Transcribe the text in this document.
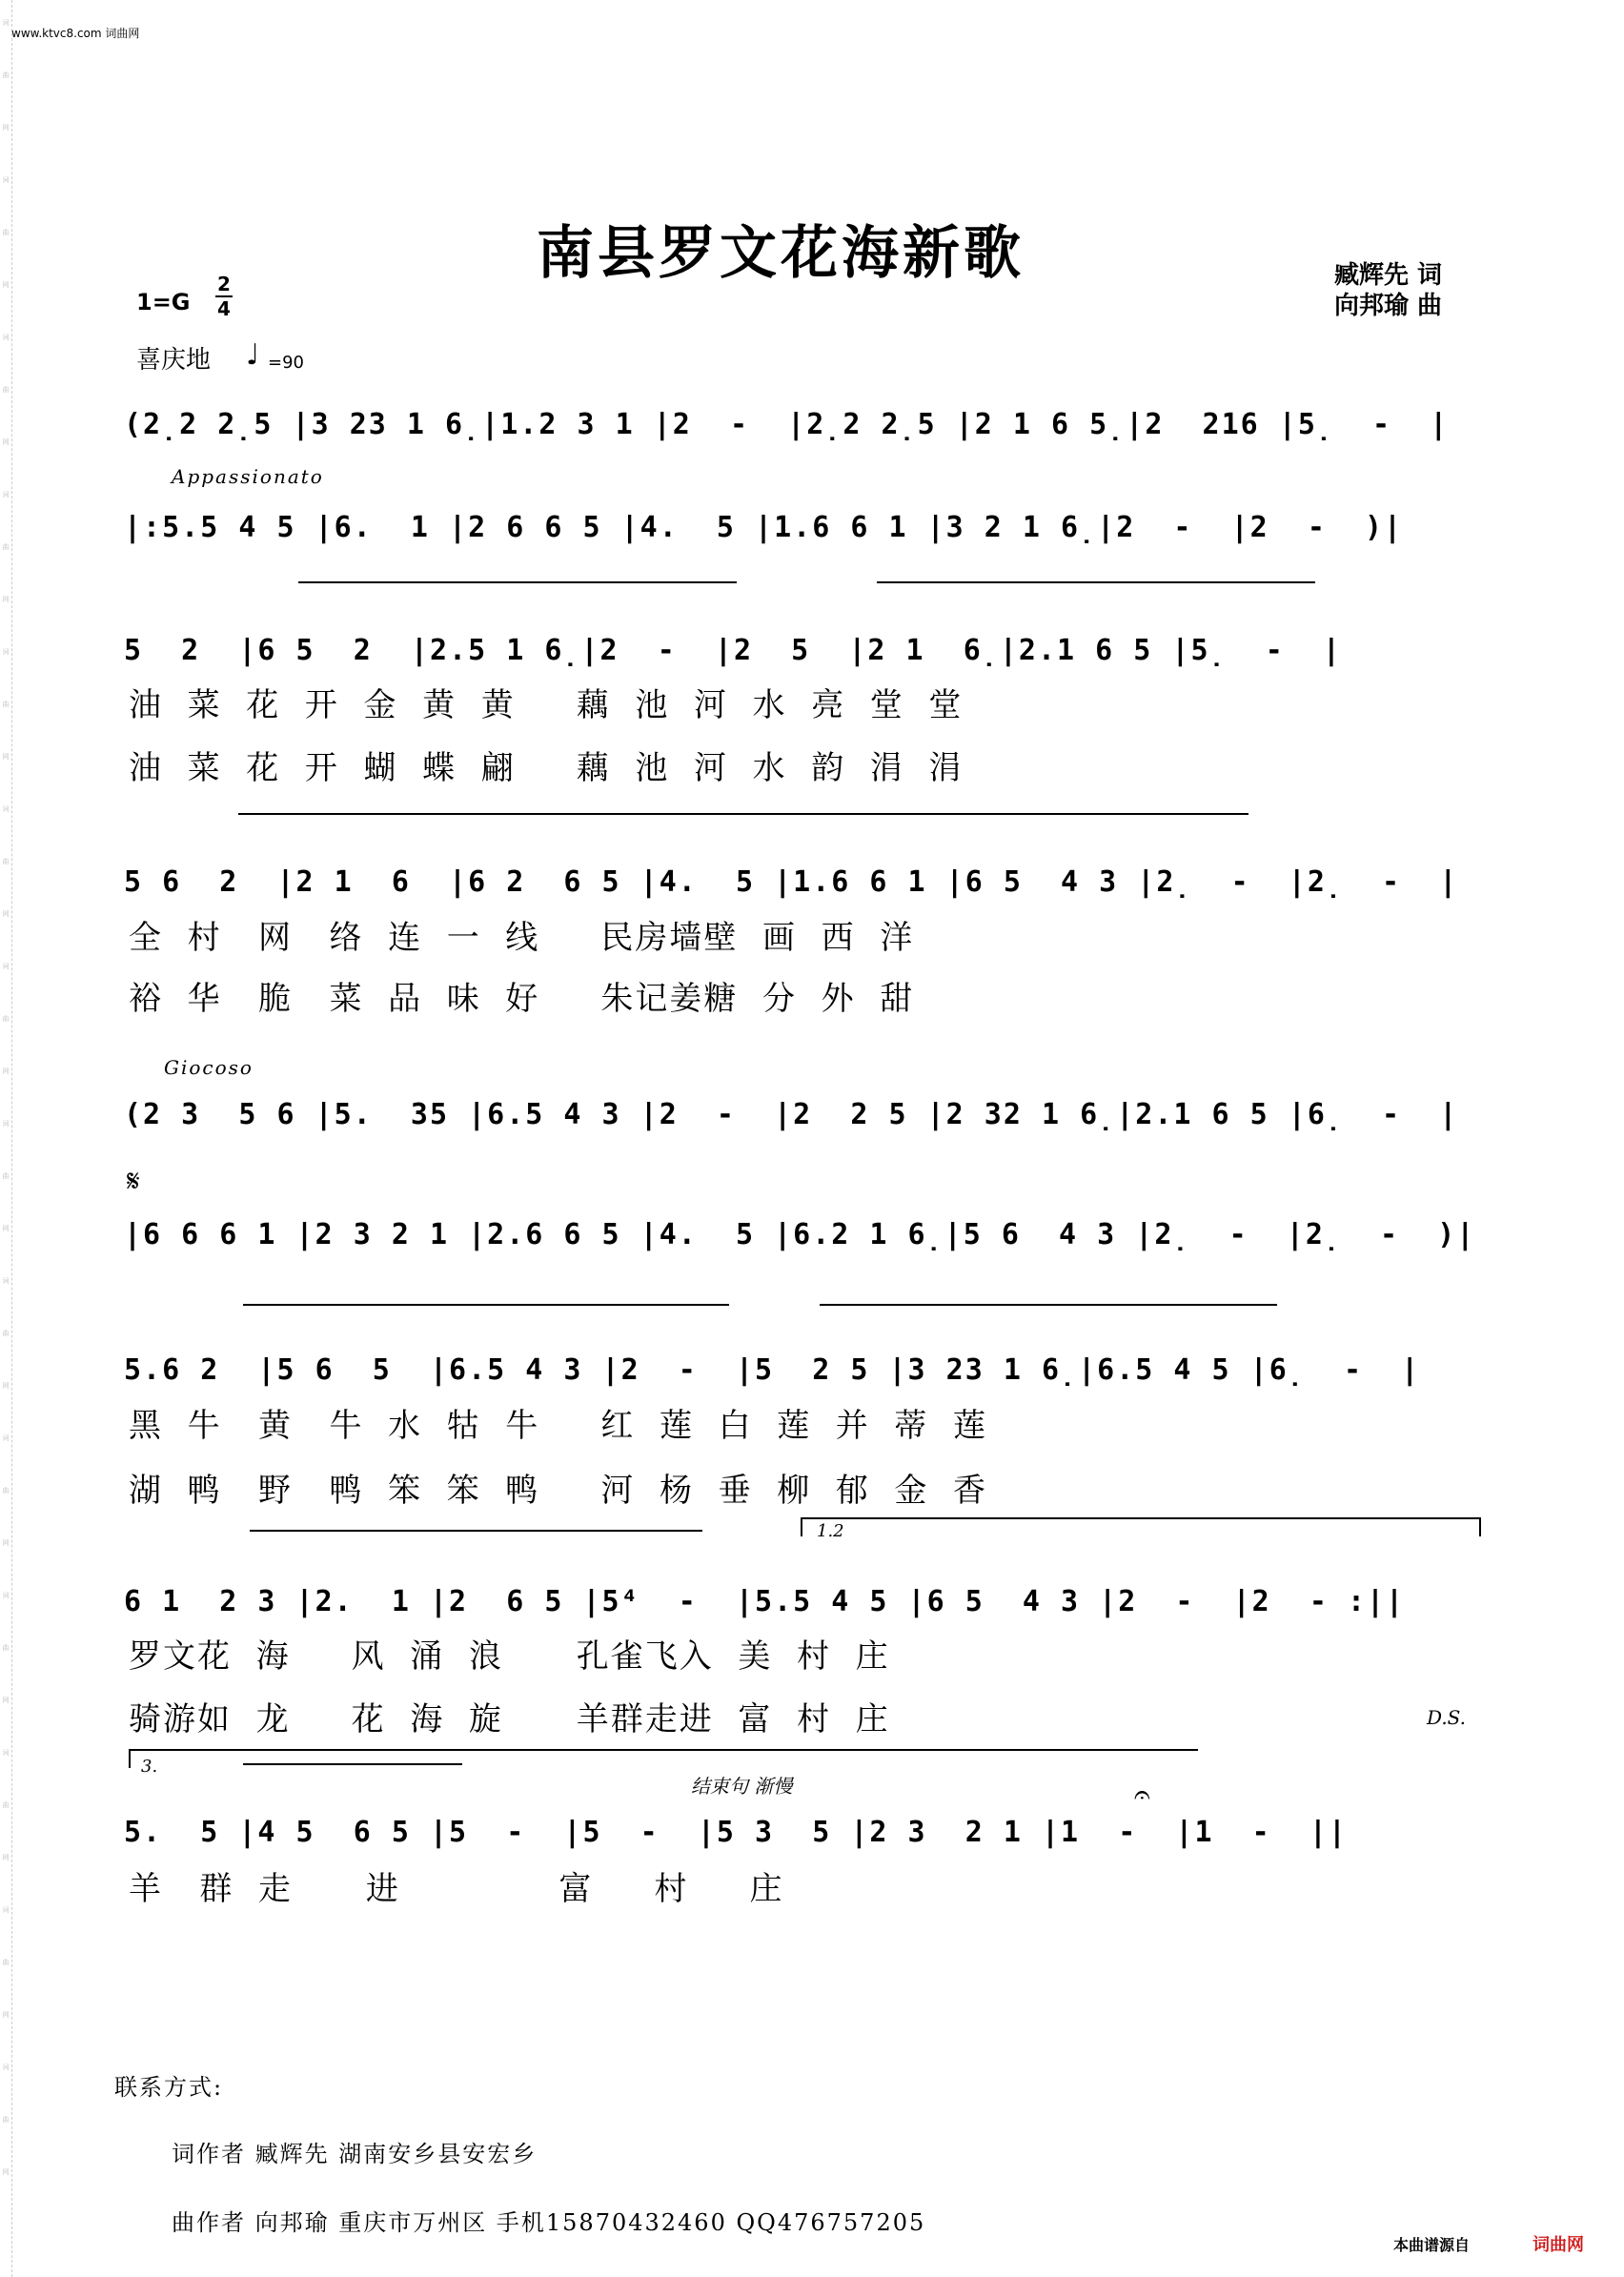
词
曲
网
词
曲
网
词
曲
网
词
曲
网
词
曲
网
词
曲
网
词
曲
网
词
曲
网
词
曲
网
词
曲
网
词
曲
网
词
曲
网
词
曲
网
词
曲
网
www.ktvc8.com 词曲网
南县罗文花海新歌	臧辉先 词
向邦瑜 曲
1=G
2
4
喜庆地 ♩ =90
Appassionato
Giocoso
𝄋
(2̣2 2̣5 |3 23 1 6̣|1.2 3 1 |2  -  |2̣2 2̣5 |2 1 6 5̣|2  216 |5̣  -  |
|:5.5 4 5 |6.  1 |2 6 6 5 |4.  5 |1.6 6 1 |3 2 1 6̣|2  -  |2  -  )|
5  2  |6 5  2  |2.5 1 6̣|2  -  |2  5  |2 1  6̣|2.1 6 5 |5̣  -  |
5 6  2  |2 1  6  |6 2  6 5 |4.  5 |1.6 6 1 |6 5  4 3 |2̣  -  |2̣  -  |
(2 3  5 6 |5.  35 |6.5 4 3 |2  -  |2  2 5 |2 32 1 6̣|2.1 6 5 |6̣  -  |
|6 6 6 1 |2 3 2 1 |2.6 6 5 |4.  5 |6.2 1 6̣|5 6  4 3 |2̣  -  |2̣  -  )|
5.6 2  |5 6  5  |6.5 4 3 |2  -  |5  2 5 |3 23 1 6̣|6.5 4 5 |6̣  -  |
6 1  2 3 |2.  1 |2  6 5 |5⁴  -  |5.5 4 5 |6 5  4 3 |2  -  |2  - :||
5.  5 |4 5  6 5 |5  -  |5  -  |5 3  5 |2 3  2 1 |1  -  |1  -  ||
油  菜  花  开  金  黄  黄     藕  池  河  水  亮  堂  堂
油  菜  花  开  蝴  蝶  翩     藕  池  河  水  韵  涓  涓
全  村   网   络  连  一  线     民房墙壁  画  西  洋
裕  华   脆   菜  品  味  好     朱记姜糖  分  外  甜
黑  牛   黄   牛  水  牯  牛     红  莲  白  莲  并  蒂  莲
湖  鸭   野   鸭  笨  笨  鸭     河  杨  垂  柳  郁  金  香
罗文花  海     风  涌  浪      孔雀飞入  美  村  庄
骑游如  龙     花  海  旋      羊群走进  富  村  庄
羊   群  走      进             富     村     庄
1.2
3.
结束句 渐慢	𝄐
D.S.
联系方式:
词作者 臧辉先 湖南安乡县安宏乡
曲作者 向邦瑜 重庆市万州区 手机15870432460 QQ476757205
本曲谱源自	词曲网
